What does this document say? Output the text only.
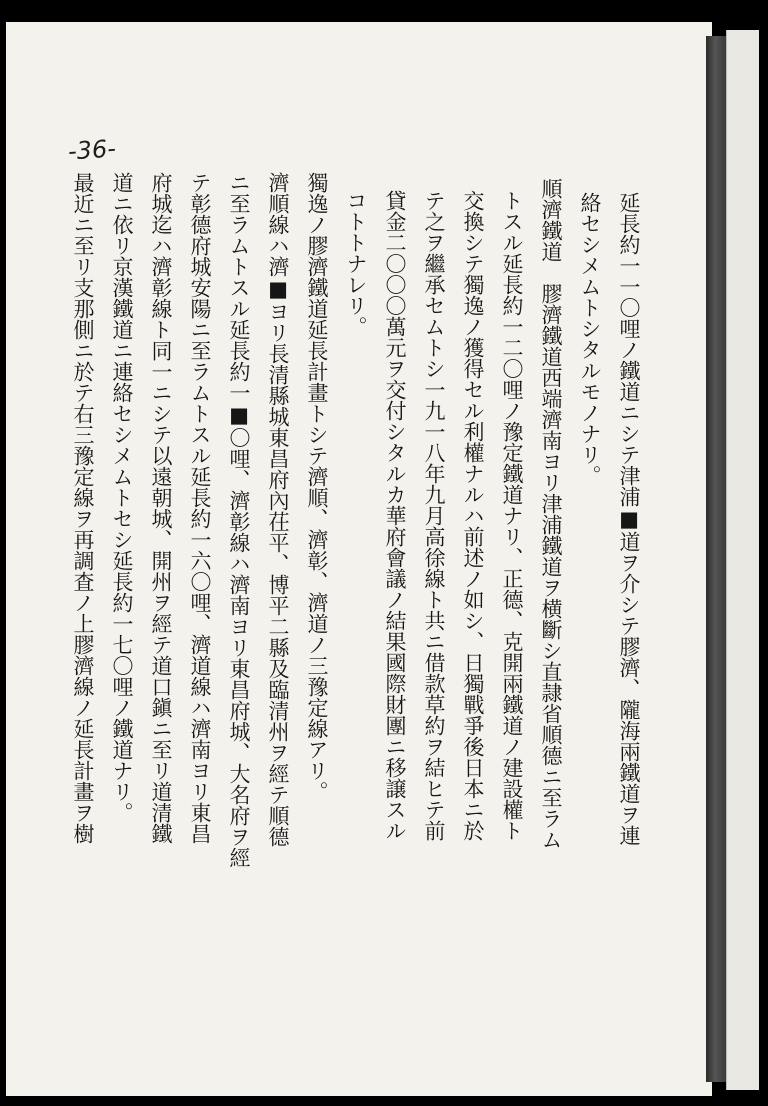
-36-
延長約一一〇哩ノ鐵道ニシテ津浦■道ヲ介シテ膠濟、隴海兩鐵道ヲ連
絡セシメムトシタルモノナリ。
順濟鐵道　膠濟鐵道西端濟南ヨリ津浦鐵道ヲ横斷シ直隷省順德ニ至ラム
トスル延長約一二〇哩ノ豫定鐵道ナリ、正德、克開兩鐵道ノ建設權ト
交換シテ獨逸ノ獲得セル利權ナルハ前述ノ如シ、日獨戰爭後日本ニ於
テ之ヲ繼承セムトシ一九一八年九月高徐線ト共ニ借款草約ヲ結ヒテ前
貸金二〇〇〇萬元ヲ交付シタルカ華府會議ノ結果國際財團ニ移譲スル
コトトナレリ。
獨逸ノ膠濟鐵道延長計畫トシテ濟順、濟彰、濟道ノ三豫定線アリ。
濟順線ハ濟■ヨリ長清縣城東昌府內茌平、博平二縣及臨清州ヲ經テ順德
ニ至ラムトスル延長約一■〇哩、濟彰線ハ濟南ヨリ東昌府城、大名府ヲ經
テ彰德府城安陽ニ至ラムトスル延長約一六〇哩、濟道線ハ濟南ヨリ東昌
府城迄ハ濟彰線ト同一ニシテ以遠朝城、開州ヲ經テ道口鎭ニ至リ道清鐵
道ニ依リ京漢鐵道ニ連絡セシメムトセシ延長約一七〇哩ノ鐵道ナリ。
最近ニ至リ支那側ニ於テ右三豫定線ヲ再調査ノ上膠濟線ノ延長計畫ヲ樹
